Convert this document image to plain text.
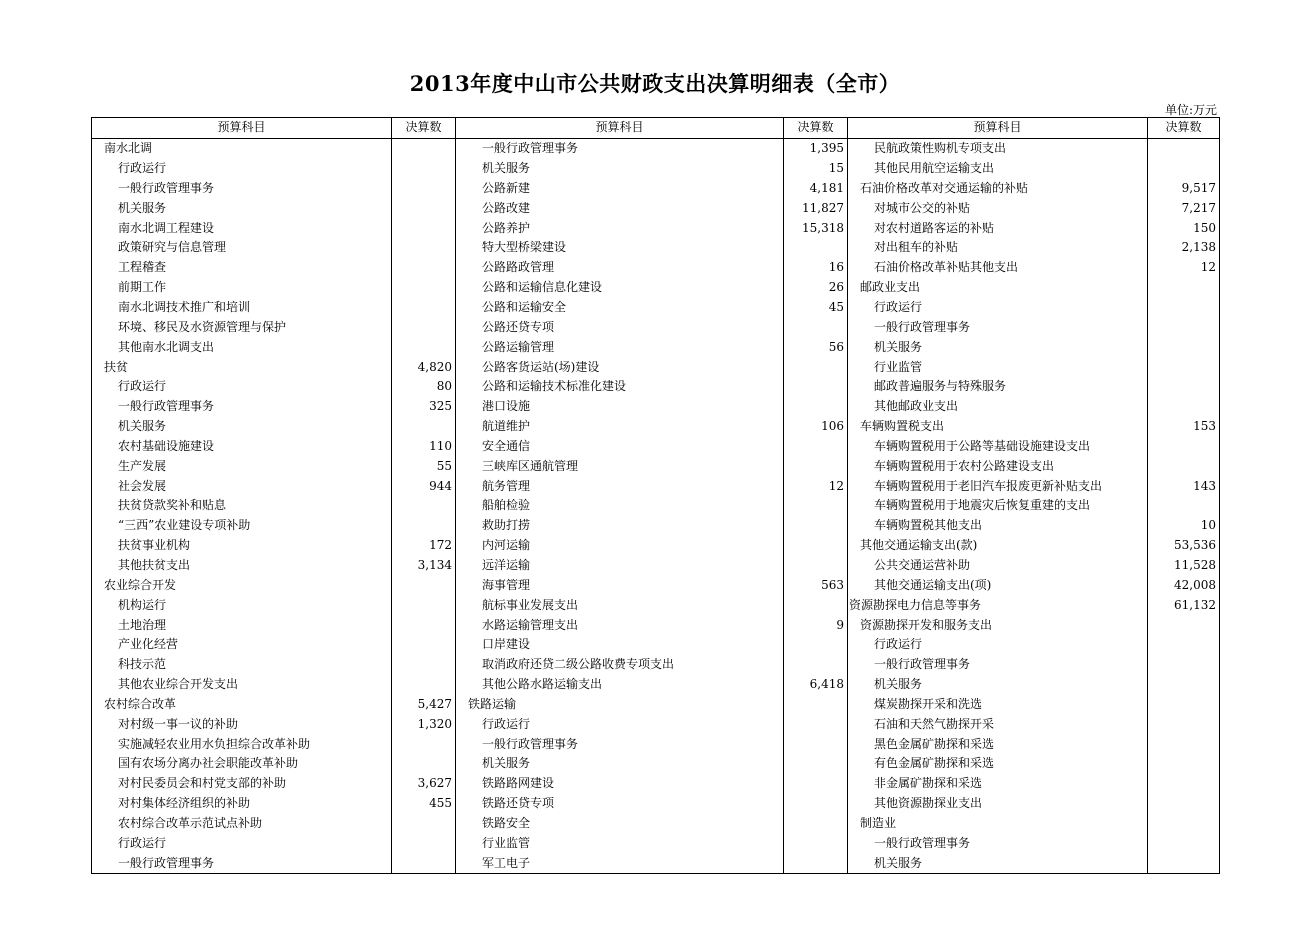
2013年度中山市公共财政支出决算明细表（全市）
单位:万元
预算科目	决算数	预算科目	决算数	预算科目	决算数
南水北调		一般行政管理事务	1,395	民航政策性购机专项支出	
行政运行		机关服务	15	其他民用航空运输支出	
一般行政管理事务		公路新建	4,181	石油价格改革对交通运输的补贴	9,517
机关服务		公路改建	11,827	对城市公交的补贴	7,217
南水北调工程建设		公路养护	15,318	对农村道路客运的补贴	150
政策研究与信息管理		特大型桥梁建设		对出租车的补贴	2,138
工程稽查		公路路政管理	16	石油价格改革补贴其他支出	12
前期工作		公路和运输信息化建设	26	邮政业支出	
南水北调技术推广和培训		公路和运输安全	45	行政运行	
环境、移民及水资源管理与保护		公路还贷专项		一般行政管理事务	
其他南水北调支出		公路运输管理	56	机关服务	
扶贫	4,820	公路客货运站(场)建设		行业监管	
行政运行	80	公路和运输技术标准化建设		邮政普遍服务与特殊服务	
一般行政管理事务	325	港口设施		其他邮政业支出	
机关服务		航道维护	106	车辆购置税支出	153
农村基础设施建设	110	安全通信		车辆购置税用于公路等基础设施建设支出	
生产发展	55	三峡库区通航管理		车辆购置税用于农村公路建设支出	
社会发展	944	航务管理	12	车辆购置税用于老旧汽车报废更新补贴支出	143
扶贫贷款奖补和贴息		船舶检验		车辆购置税用于地震灾后恢复重建的支出	
“三西”农业建设专项补助		救助打捞		车辆购置税其他支出	10
扶贫事业机构	172	内河运输		其他交通运输支出(款)	53,536
其他扶贫支出	3,134	远洋运输		公共交通运营补助	11,528
农业综合开发		海事管理	563	其他交通运输支出(项)	42,008
机构运行		航标事业发展支出		资源勘探电力信息等事务	61,132
土地治理		水路运输管理支出	9	资源勘探开发和服务支出	
产业化经营		口岸建设		行政运行	
科技示范		取消政府还贷二级公路收费专项支出		一般行政管理事务	
其他农业综合开发支出		其他公路水路运输支出	6,418	机关服务	
农村综合改革	5,427	铁路运输		煤炭勘探开采和洗选	
对村级一事一议的补助	1,320	行政运行		石油和天然气勘探开采	
实施减轻农业用水负担综合改革补助		一般行政管理事务		黑色金属矿勘探和采选	
国有农场分离办社会职能改革补助		机关服务		有色金属矿勘探和采选	
对村民委员会和村党支部的补助	3,627	铁路路网建设		非金属矿勘探和采选	
对村集体经济组织的补助	455	铁路还贷专项		其他资源勘探业支出	
农村综合改革示范试点补助		铁路安全		制造业	
行政运行		行业监管		一般行政管理事务	
一般行政管理事务		军工电子		机关服务	
